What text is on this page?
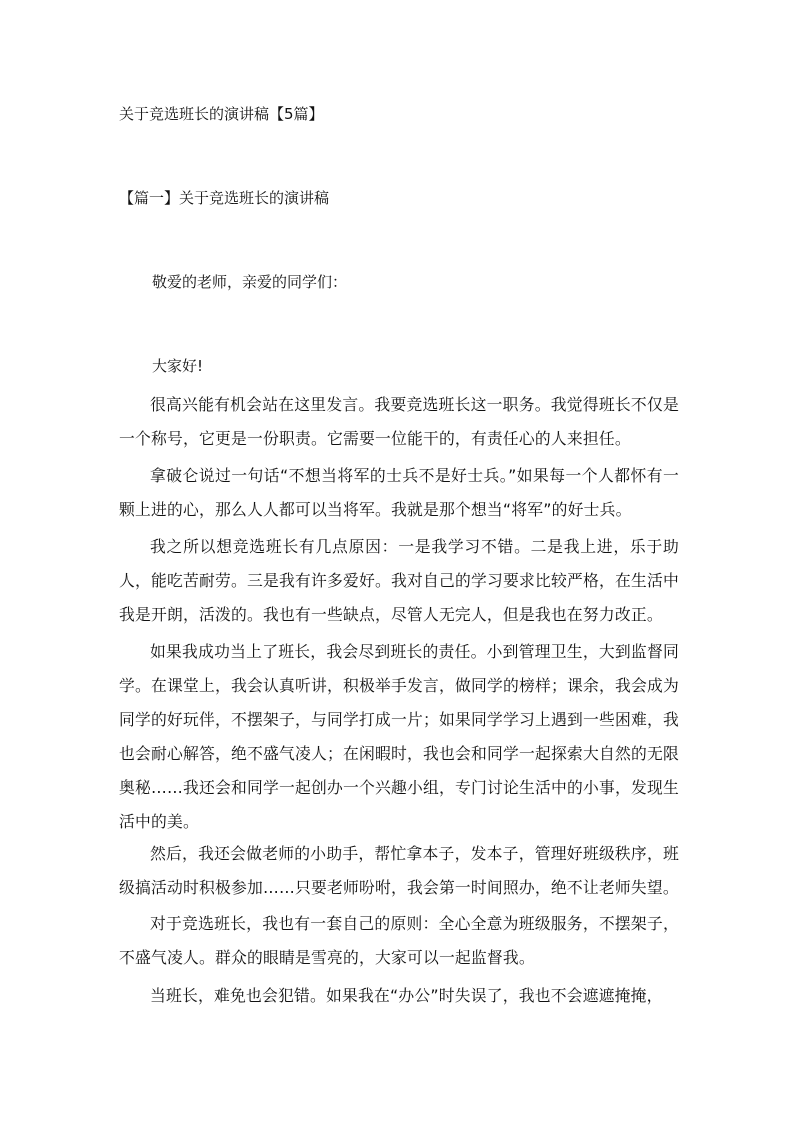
关于竞选班长的演讲稿【5篇】
【篇一】关于竞选班长的演讲稿
敬爱的老师，亲爱的同学们：
大家好!
很高兴能有机会站在这里发言。我要竞选班长这一职务。我觉得班长不仅是一个称号，它更是一份职责。它需要一位能干的，有责任心的人来担任。
拿破仑说过一句话“不想当将军的士兵不是好士兵。”如果每一个人都怀有一颗上进的心，那么人人都可以当将军。我就是那个想当“将军”的好士兵。
我之所以想竞选班长有几点原因：一是我学习不错。二是我上进，乐于助人，能吃苦耐劳。三是我有许多爱好。我对自己的学习要求比较严格，在生活中我是开朗，活泼的。我也有一些缺点，尽管人无完人，但是我也在努力改正。
如果我成功当上了班长，我会尽到班长的责任。小到管理卫生，大到监督同学。在课堂上，我会认真听讲，积极举手发言，做同学的榜样；课余，我会成为同学的好玩伴，不摆架子，与同学打成一片；如果同学学习上遇到一些困难，我也会耐心解答，绝不盛气凌人；在闲暇时，我也会和同学一起探索大自然的无限奥秘……我还会和同学一起创办一个兴趣小组，专门讨论生活中的小事，发现生活中的美。
然后，我还会做老师的小助手，帮忙拿本子，发本子，管理好班级秩序，班级搞活动时积极参加……只要老师吩咐，我会第一时间照办，绝不让老师失望。
对于竞选班长，我也有一套自己的原则：全心全意为班级服务，不摆架子，不盛气凌人。群众的眼睛是雪亮的，大家可以一起监督我。
当班长，难免也会犯错。如果我在“办公”时失误了，我也不会遮遮掩掩，
